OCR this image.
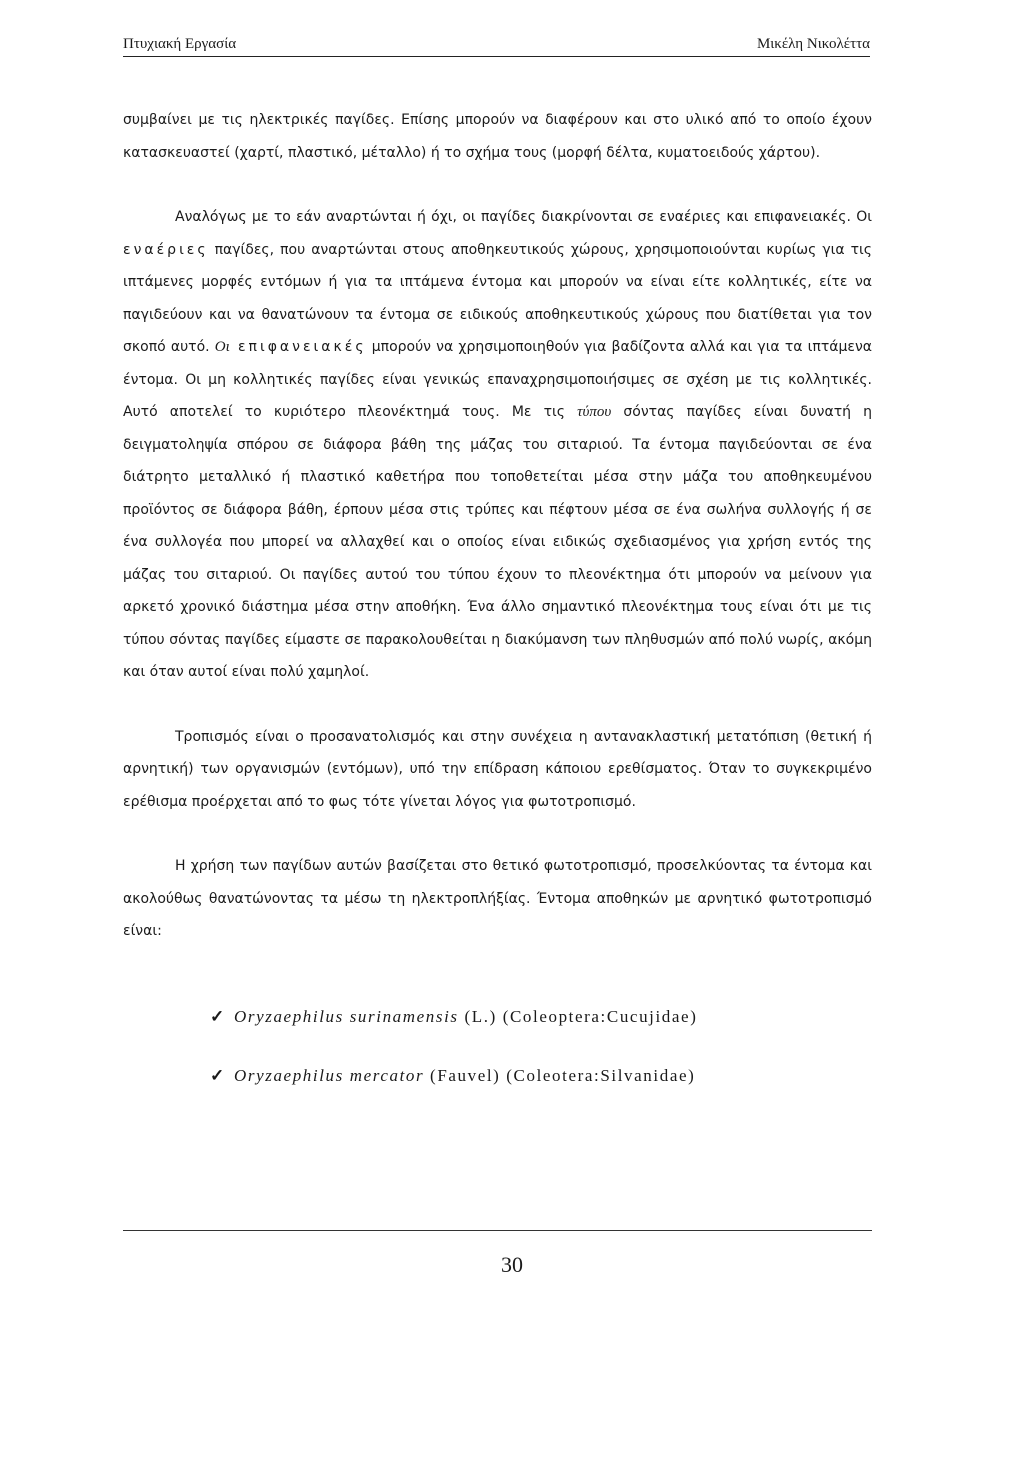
Πτυχιακή Εργασία	Μικέλη Νικολέττα

συμβαίνει με τις ηλεκτρικές παγίδες. Επίσης μπορούν να διαφέρουν και στο υλικό από το οποίο έχουν κατασκευαστεί (χαρτί, πλαστικό, μέταλλο) ή το σχήμα τους (μορφή δέλτα, κυματοειδούς χάρτου).

Αναλόγως με το εάν αναρτώνται ή όχι, οι παγίδες διακρίνονται σε εναέριες και επιφανειακές. Οι εναέριες παγίδες, που αναρτώνται στους αποθηκευτικούς χώρους, χρησιμοποιούνται κυρίως για τις ιπτάμενες μορφές εντόμων ή για τα ιπτάμενα έντομα και μπορούν να είναι είτε κολλητικές, είτε να παγιδεύουν και να θανατώνουν τα έντομα σε ειδικούς αποθηκευτικούς χώρους που διατίθεται για τον σκοπό αυτό. Οι επιφανειακές μπορούν να χρησιμοποιηθούν για βαδίζοντα αλλά και για τα ιπτάμενα έντομα. Οι μη κολλητικές παγίδες είναι γενικώς επαναχρησιμοποιήσιμες σε σχέση με τις κολλητικές. Αυτό αποτελεί το κυριότερο πλεονέκτημά τους. Με τις τύπου σόντας παγίδες είναι δυνατή η δειγματοληψία σπόρου σε διάφορα βάθη της μάζας του σιταριού. Τα έντομα παγιδεύονται σε ένα διάτρητο μεταλλικό ή πλαστικό καθετήρα που τοποθετείται μέσα στην μάζα του αποθηκευμένου προϊόντος σε διάφορα βάθη, έρπουν μέσα στις τρύπες και πέφτουν μέσα σε ένα σωλήνα συλλογής ή σε ένα συλλογέα που μπορεί να αλλαχθεί και ο οποίος είναι ειδικώς σχεδιασμένος για χρήση εντός της μάζας του σιταριού. Οι παγίδες αυτού του τύπου έχουν το πλεονέκτημα ότι μπορούν να μείνουν για αρκετό χρονικό διάστημα μέσα στην αποθήκη. Ένα άλλο σημαντικό πλεονέκτημα τους είναι ότι με τις τύπου σόντας παγίδες είμαστε σε παρακολουθείται η διακύμανση των πληθυσμών από πολύ νωρίς, ακόμη και όταν αυτοί είναι πολύ χαμηλοί.

Τροπισμός είναι ο προσανατολισμός και στην συνέχεια η αντανακλαστική μετατόπιση (θετική ή αρνητική) των οργανισμών (εντόμων), υπό την επίδραση κάποιου ερεθίσματος. Όταν το συγκεκριμένο ερέθισμα προέρχεται από το φως τότε γίνεται λόγος για φωτοτροπισμό.

Η χρήση των παγίδων αυτών βασίζεται στο θετικό φωτοτροπισμό, προσελκύοντας τα έντομα και ακολούθως θανατώνοντας τα μέσω τη ηλεκτροπλήξίας. Έντομα αποθηκών με αρνητικό φωτοτροπισμό είναι:

✓ Oryzaephilus surinamensis (L.) (Coleoptera:Cucujidae)
✓ Oryzaephilus mercator (Fauvel) (Coleotera:Silvanidae)
30
